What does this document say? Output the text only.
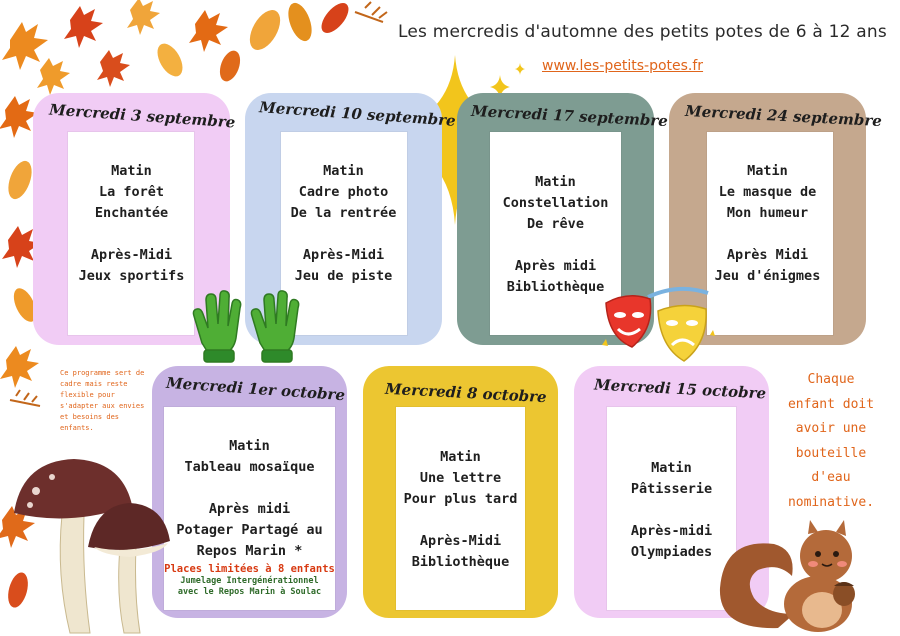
Les mercredis d'automne des petits potes de 6 à 12 ans
www.les-petits-potes.fr
Mercredi 3 septembre
Matin
La forêt
Enchantée
Après-Midi
Jeux sportifs
Mercredi 10 septembre
Matin
Cadre photo
De la rentrée
Après-Midi
Jeu de piste
Mercredi 17 septembre
Matin
Constellation
De rêve
Après midi
Bibliothèque
Mercredi 24 septembre
Matin
Le masque de
Mon humeur
Après Midi
Jeu d'énigmes
Mercredi 1er octobre
Matin
Tableau mosaïque
Après midi
Potager Partagé au
Repos Marin *
Places limitées à 8 enfants
Jumelage Intergénérationnel
avec le Repos Marin à Soulac
Mercredi 8 octobre
Matin
Une lettre
Pour plus tard
Après-Midi
Bibliothèque
Mercredi 15 octobre
Matin
Pâtisserie
Après-midi
Olympiades
Ce programme sert de cadre mais reste flexible pour s'adapter aux envies et besoins des enfants.
Chaque
enfant doit
avoir une
bouteille
d'eau
nominative.
